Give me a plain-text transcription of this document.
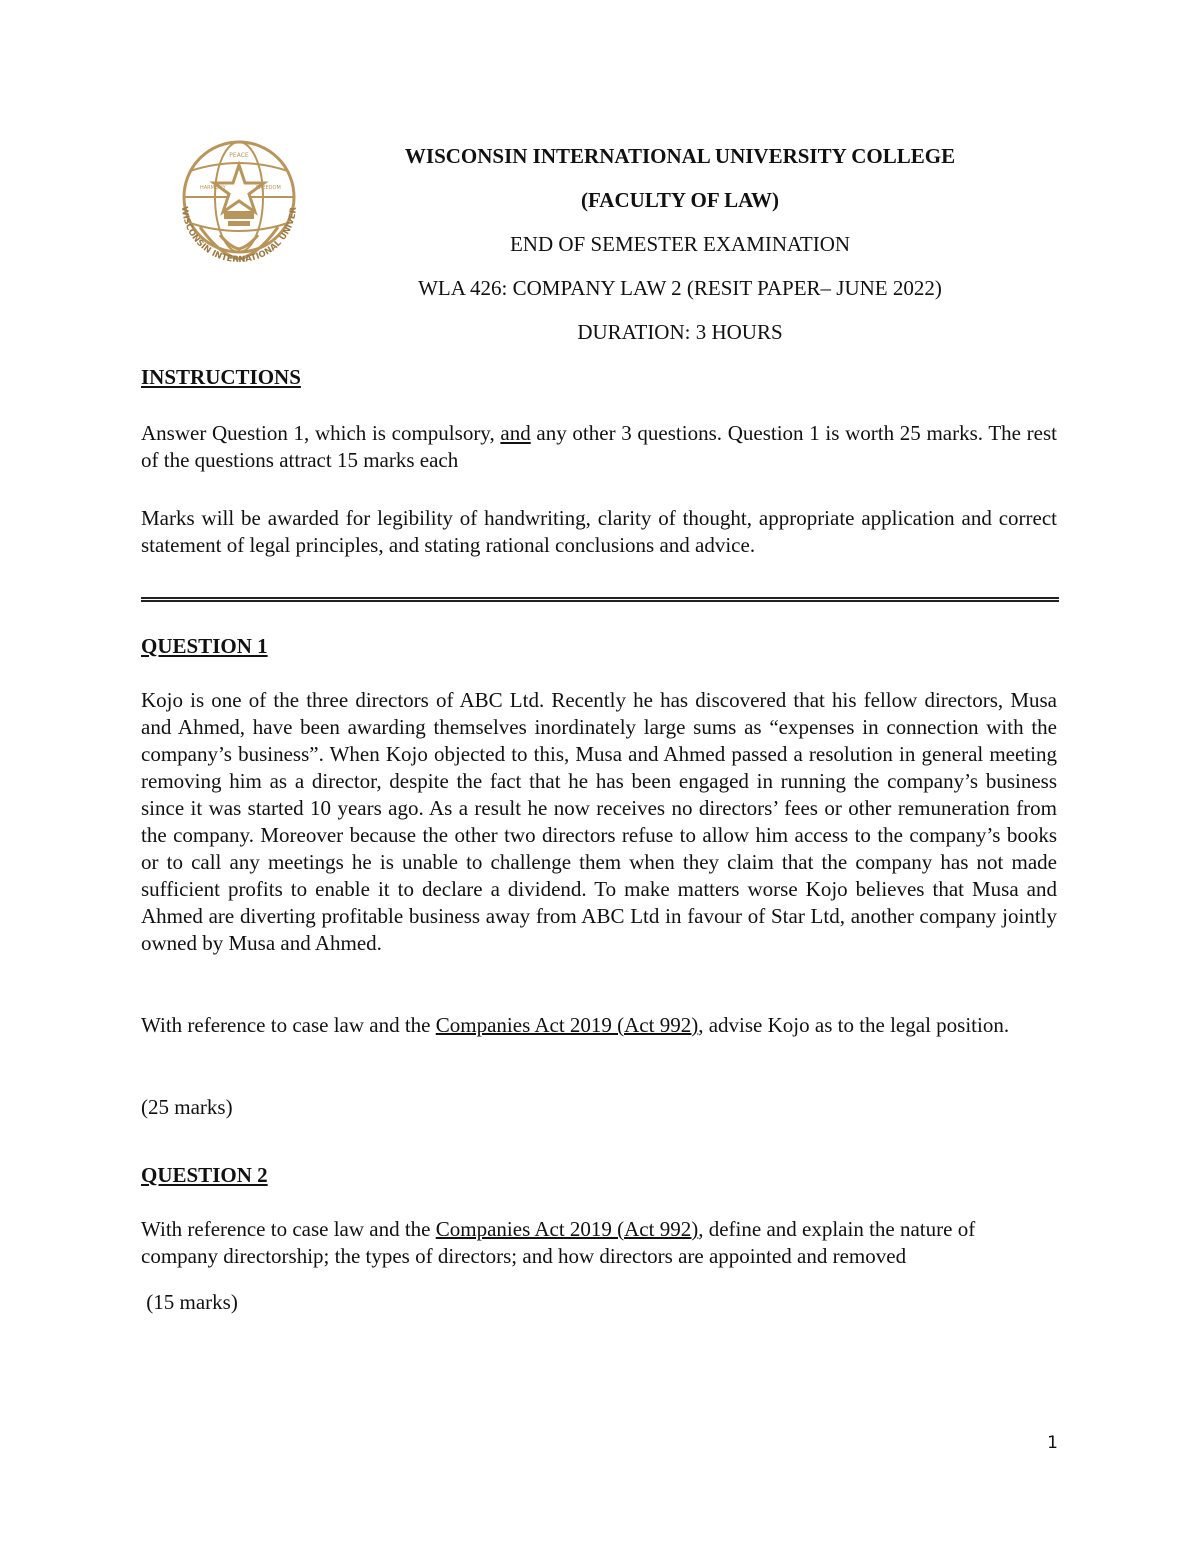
PEACE
HARMONY	FREEDOM
WISCONSIN INTERNATIONAL UNIVER
WISCONSIN INTERNATIONAL UNIVERSITY COLLEGE
(FACULTY OF LAW)
END OF SEMESTER EXAMINATION
WLA 426: COMPANY LAW 2 (RESIT PAPER– JUNE 2022)
DURATION: 3 HOURS
INSTRUCTIONS
Answer Question 1, which is compulsory, and any other 3 questions. Question 1 is worth 25 marks. The rest of the questions attract 15 marks each
Marks will be awarded for legibility of handwriting, clarity of thought, appropriate application and correct statement of legal principles, and stating rational conclusions and advice.
QUESTION 1
Kojo is one of the three directors of ABC Ltd. Recently he has discovered that his fellow directors, Musa and Ahmed, have been awarding themselves inordinately large sums as “expenses in connection with the company’s business”. When Kojo objected to this, Musa and Ahmed passed a resolution in general meeting removing him as a director, despite the fact that he has been engaged in running the company’s business since it was started 10 years ago. As a result he now receives no directors’ fees or other remuneration from the company. Moreover because the other two directors refuse to allow him access to the company’s books or to call any meetings he is unable to challenge them when they claim that the company has not made sufficient profits to enable it to declare a dividend. To make matters worse Kojo believes that Musa and Ahmed are diverting profitable business away from ABC Ltd in favour of Star Ltd, another company jointly owned by Musa and Ahmed.
With reference to case law and the Companies Act 2019 (Act 992), advise Kojo as to the legal position.
(25 marks)
QUESTION 2
With reference to case law and the Companies Act 2019 (Act 992), define and explain the nature of company directorship; the types of directors; and how directors are appointed and removed
(15 marks)
1
